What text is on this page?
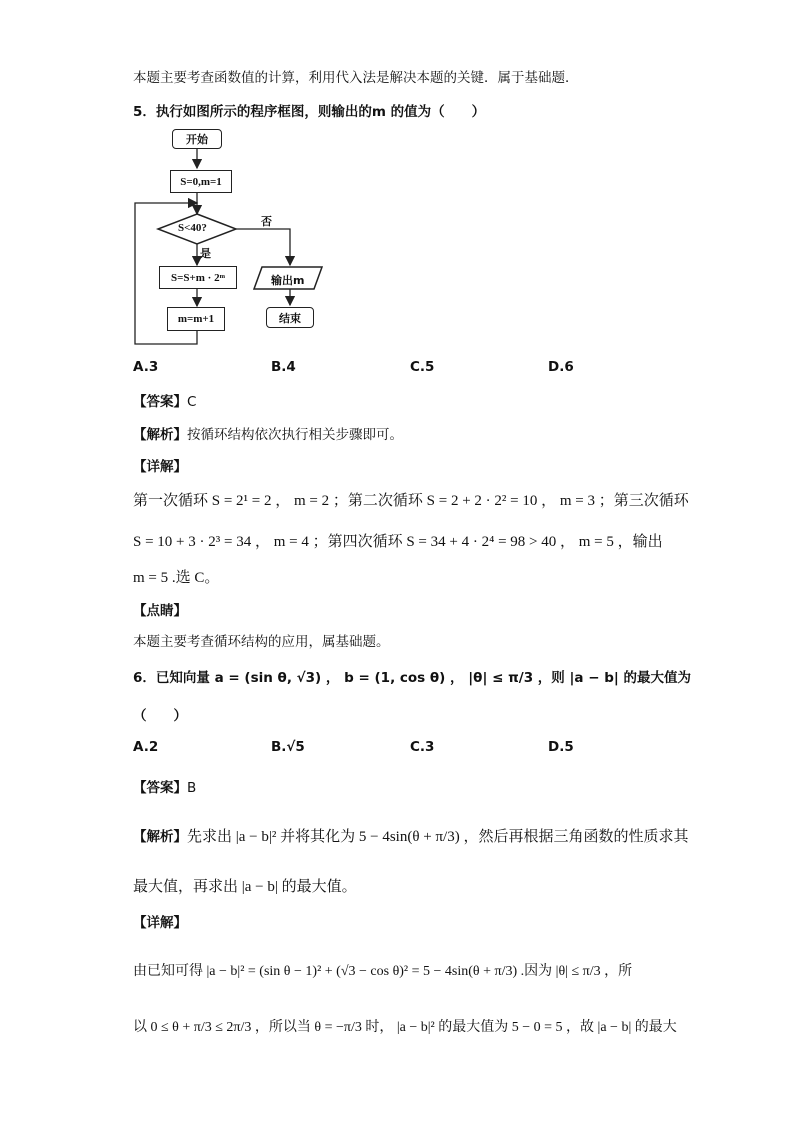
本题主要考查函数值的计算，利用代入法是解决本题的关键．属于基础题．
5．执行如图所示的程序框图，则输出的m 的值为（　　）
开始
S=0,m=1
S<40?	否
是
S=S+m · 2ᵐ
m=m+1
输出m
结束
A.3	B.4	C.5	D.6
【答案】C
【解析】按循环结构依次执行相关步骤即可。
【详解】
第一次循环 S = 2¹ = 2 ， m = 2 ；第二次循环 S = 2 + 2 · 2² = 10 ， m = 3 ；第三次循环
S = 10 + 3 · 2³ = 34 ， m = 4 ；第四次循环 S = 34 + 4 · 2⁴ = 98 > 40 ， m = 5 ，输出
m = 5 .选 C。
【点睛】
本题主要考查循环结构的应用，属基础题。
6．已知向量 a = (sin θ, √3) ， b = (1, cos θ) ， |θ| ≤ π/3 ，则 |a − b| 的最大值为
（　　）
A.2	B.√5	C.3	D.5
【答案】B
【解析】先求出 |a − b|² 并将其化为 5 − 4sin(θ + π/3) ，然后再根据三角函数的性质求其
最大值，再求出 |a − b| 的最大值。
【详解】
由已知可得 |a − b|² = (sin θ − 1)² + (√3 − cos θ)² = 5 − 4sin(θ + π/3) .因为 |θ| ≤ π/3 ，所
以 0 ≤ θ + π/3 ≤ 2π/3 ，所以当 θ = −π/3 时， |a − b|² 的最大值为 5 − 0 = 5 ，故 |a − b| 的最大
